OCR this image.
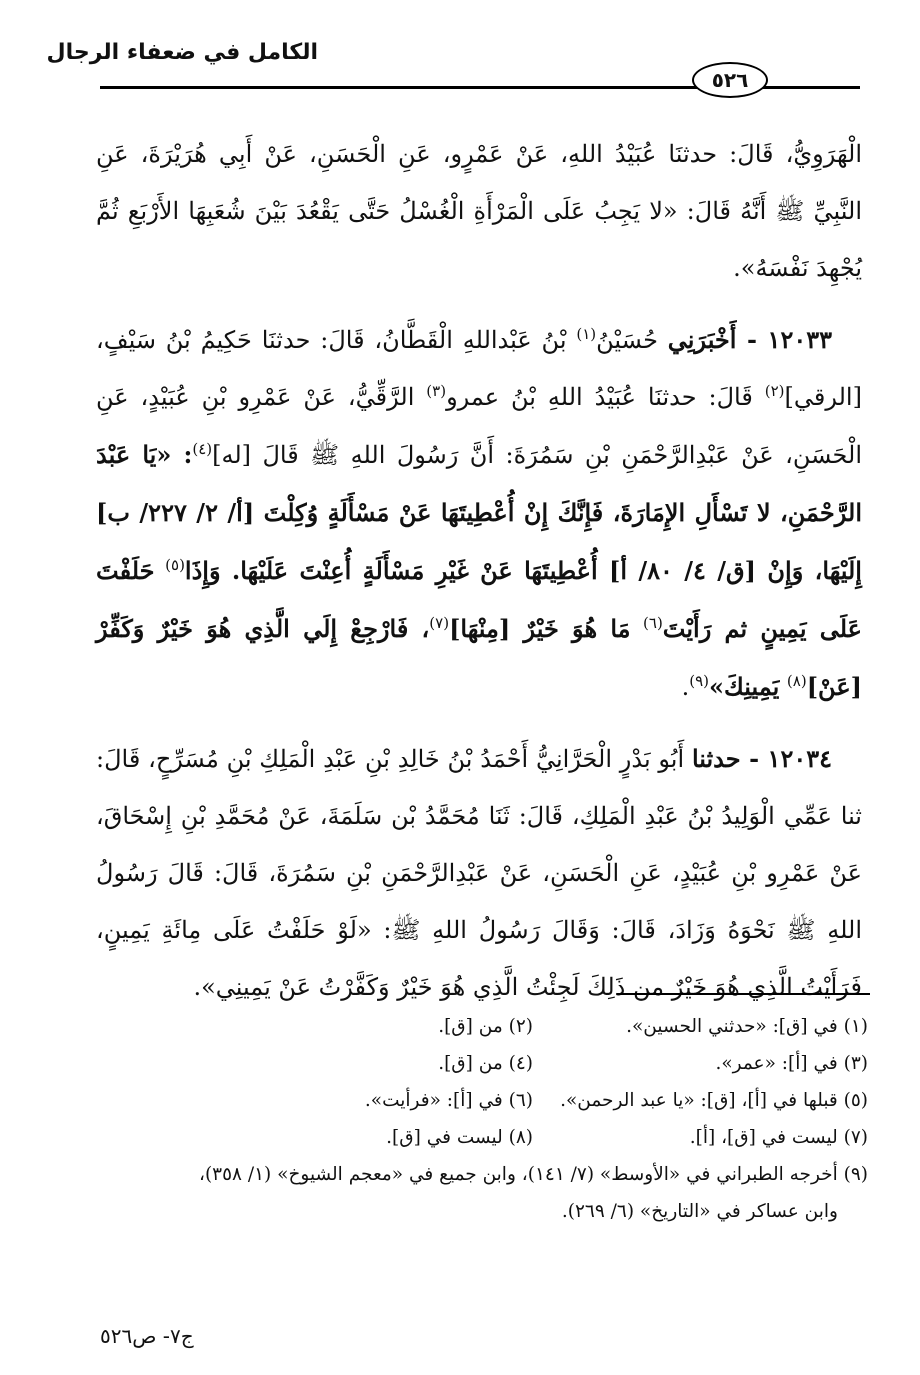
الكامل في ضعفاء الرجال
٥٢٦

الْهَرَوِيُّ، قَالَ: حدثنَا عُبَيْدُ اللهِ، عَنْ عَمْرٍو، عَنِ الْحَسَنِ، عَنْ أَبِي هُرَيْرَةَ، عَنِ النَّبِيِّ ﷺ أَنَّهُ قَالَ: «لا يَجِبُ عَلَى الْمَرْأَةِ الْغُسْلُ حَتَّى يَقْعُدَ بَيْنَ شُعَبِهَا الأَرْبَعِ ثُمَّ يُجْهِدَ نَفْسَهُ».

١٢٠٣٣ - أَخْبَرَنِي حُسَيْنُ$^{(١)}$ بْنُ عَبْداللهِ الْقَطَّانُ، قَالَ: حدثنَا حَكِيمُ بْنُ سَيْفٍ، [الرقي]$^{(٢)}$ قَالَ: حدثنَا عُبَيْدُ اللهِ بْنُ عمرو$^{(٣)}$ الرَّقِّيُّ، عَنْ عَمْرِو بْنِ عُبَيْدٍ، عَنِ الْحَسَنِ، عَنْ عَبْدِالرَّحْمَنِ بْنِ سَمُرَةَ: أَنَّ رَسُولَ اللهِ ﷺ قَالَ [له]$^{(٤)}$: «يَا عَبْدَ الرَّحْمَنِ، لا تَسْأَلِ الإِمَارَةَ، فَإِنَّكَ إِنْ أُعْطِيتَهَا عَنْ مَسْأَلَةٍ وُكِلْتَ [أ/ ٢/ ٢٢٧/ ب] إِلَيْهَا، وَإِنْ [ق/ ٤/ ٨٠/ أ] أُعْطِيتَهَا عَنْ غَيْرِ مَسْأَلَةٍ أُعِنْتَ عَلَيْهَا. وَإِذَا$^{(٥)}$ حَلَفْتَ عَلَى يَمِينٍ ثم رَأَيْتَ$^{(٦)}$ مَا هُوَ خَيْرٌ [مِنْهَا]$^{(٧)}$، فَارْجِعْ إِلَي الَّذِي هُوَ خَيْرٌ وَكَفِّرْ [عَنْ]$^{(٨)}$ يَمِينِكَ»$^{(٩)}$.

١٢٠٣٤ - حدثنا أَبُو بَدْرٍ الْحَرَّانِيُّ أَحْمَدُ بْنُ خَالِدِ بْنِ عَبْدِ الْمَلِكِ بْنِ مُسَرِّحٍ، قَالَ: ثنا عَمِّي الْوَلِيدُ بْنُ عَبْدِ الْمَلِكِ، قَالَ: ثَنَا مُحَمَّدُ بْن سَلَمَةَ، عَنْ مُحَمَّدِ بْنِ إِسْحَاقَ، عَنْ عَمْرِو بْنِ عُبَيْدٍ، عَنِ الْحَسَنِ، عَنْ عَبْدِالرَّحْمَنِ بْنِ سَمُرَةَ، قَالَ: قَالَ رَسُولُ اللهِ ﷺ نَحْوَهُ وَزَادَ، قَالَ: وَقَالَ رَسُولُ اللهِ ﷺ: «لَوْ حَلَفْتُ عَلَى مِائَةِ يَمِينٍ، فَرَأَيْتُ الَّذِي هُوَ خَيْرٌ من ذَلِكَ لَجِئْتُ الَّذِي هُوَ خَيْرٌ وَكَفَّرْتُ عَنْ يَمِينِي».

(١) في [ق]: «حدثني الحسين».
(٢) من [ق].
(٣) في [أ]: «عمر».
(٤) من [ق].
(٥) قبلها في [أ]، [ق]: «يا عبد الرحمن».
(٦) في [أ]: «فرأيت».
(٧) ليست في [ق]، [أ].
(٨) ليست في [ق].
(٩) أخرجه الطبراني في «الأوسط» (٧/ ١٤١)، وابن جميع في «معجم الشيوخ» (١/ ٣٥٨)،
وابن عساكر في «التاريخ» (٦/ ٢٦٩).
ج٧- ص٥٢٦
